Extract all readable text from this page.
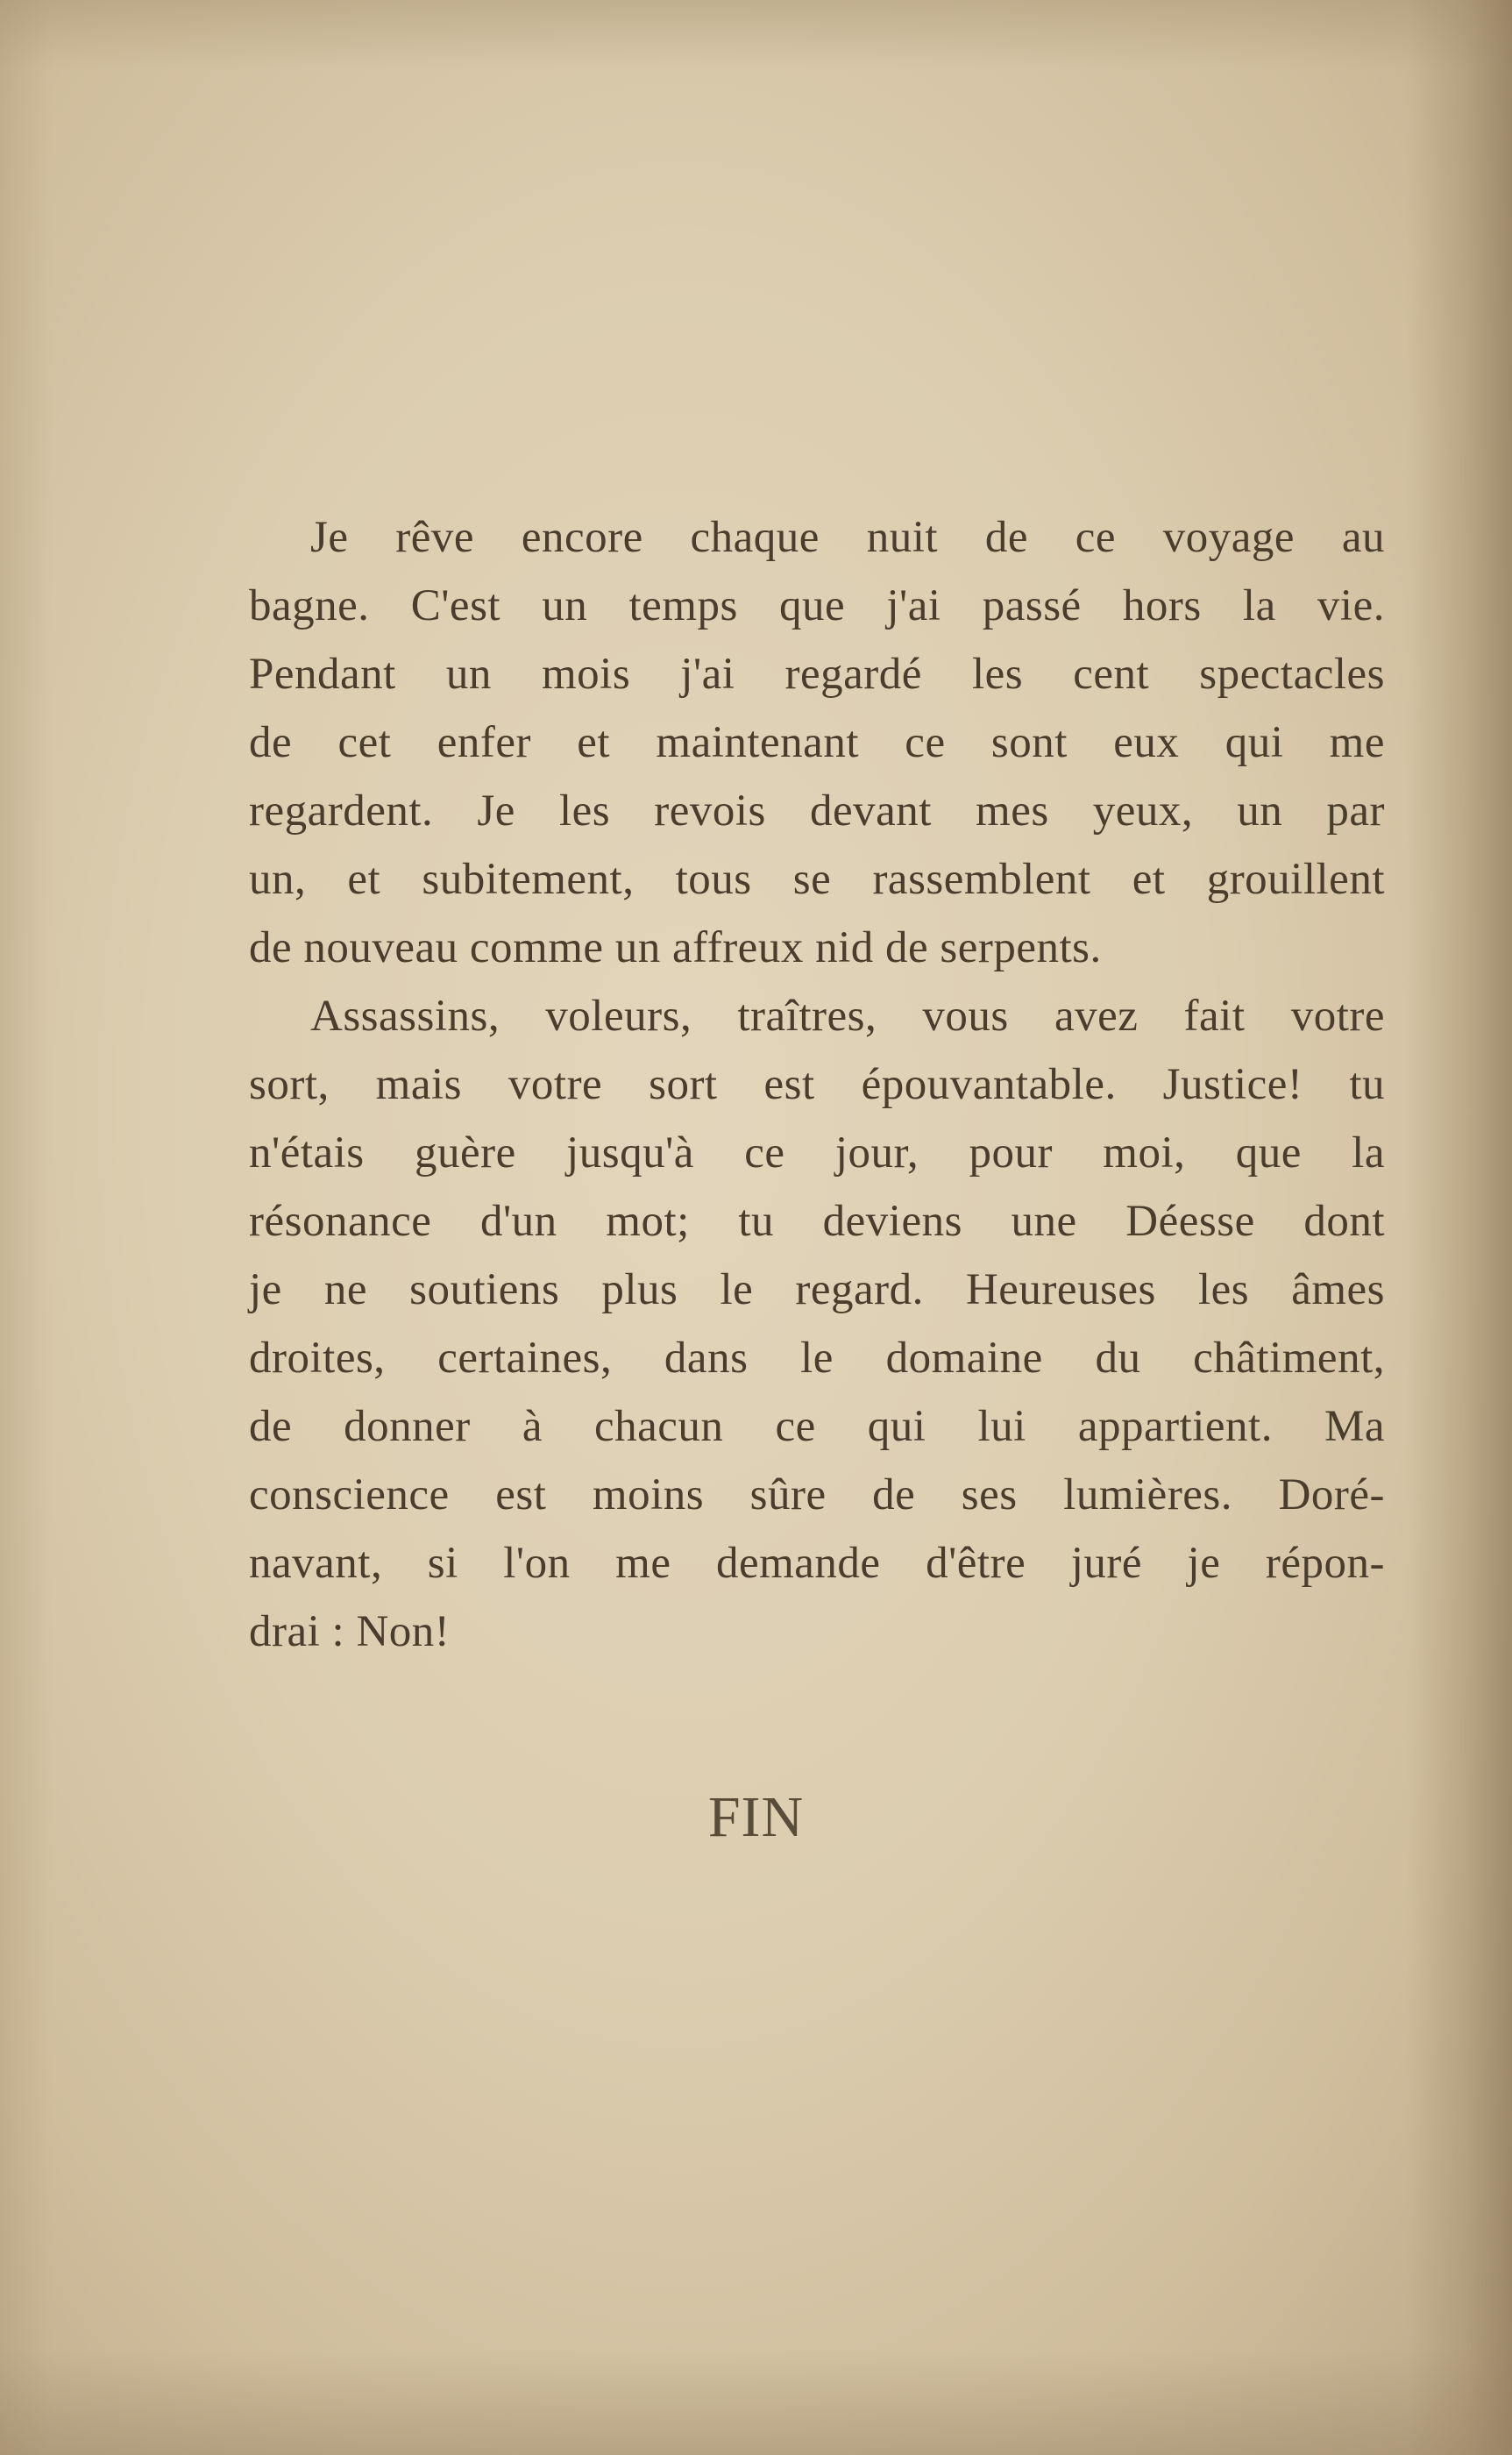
Je rêve encore chaque nuit de ce voyage au
bagne. C'est un temps que j'ai passé hors la vie.
Pendant un mois j'ai regardé les cent spectacles
de cet enfer et maintenant ce sont eux qui me
regardent. Je les revois devant mes yeux, un par
un, et subitement, tous se rassemblent et grouillent
de nouveau comme un affreux nid de serpents.

Assassins, voleurs, traîtres, vous avez fait votre
sort, mais votre sort est épouvantable. Justice! tu
n'étais guère jusqu'à ce jour, pour moi, que la
résonance d'un mot; tu deviens une Déesse dont
je ne soutiens plus le regard. Heureuses les âmes
droites, certaines, dans le domaine du châtiment,
de donner à chacun ce qui lui appartient. Ma
conscience est moins sûre de ses lumières. Doré-
navant, si l'on me demande d'être juré je répon-
drai : Non!

FIN
